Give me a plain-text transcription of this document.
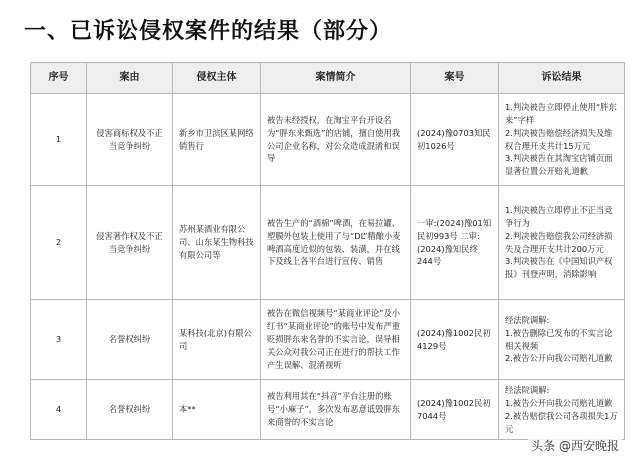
一、已诉讼侵权案件的结果（部分）
序号	案由	侵权主体	案情简介	案号	诉讼结果
1	侵害商标权及不正当竞争纠纷	新乡市卫滨区某网络销售行	被告未经授权，在淘宝平台开设名为“胖东来甄选”的店铺，擅自使用我公司企业名称，对公众造成混淆和误导	(2024)豫0703知民初1026号	1.判决被告立即停止使用“胖东来”字样
2.判决被告赔偿经济损失及维权合理开支共计15万元
3.判决被告在其淘宝店铺页面显著位置公开赔礼道歉

2	侵害著作权及不正当竞争纠纷	苏州某酒业有限公司、山东某生物科技有限公司等	被告生产的“酒棉”啤酒，在易拉罐、塑膜外包装上使用了与“DL”精酿小麦啤酒高度近似的包装、装潢，并在线下及线上各平台进行宣传、销售	一审:(2024)豫01知民初993号 二审:(2024)豫知民终244号	1.判决被告立即停止不正当竞争行为
2.判决被告赔偿我公司经济损失及合理开支共计200万元
3.判决被告在《中国知识产权报》刊登声明，消除影响

3	名誉权纠纷	某科技(北京)有限公司	被告在微信视频号“某商业评论”及小红书“某商业评论”的账号中发布严重贬损胖东来名誉的不实言论，误导相关公众对我公司正在进行的帮扶工作产生误解、混淆视听	(2024)豫1002民初4129号	经法院调解:
1.被告删除已发布的不实言论相关视频
2.被告公开向我公司赔礼道歉

4	名誉权纠纷	本**	被告利用其在“抖音”平台注册的账号“小麻子”，多次发布恶意诋毁胖东来商誉的不实言论	(2024)豫1002民初7044号	经法院调解:
1.被告公开向我公司赔礼道歉
2.被告赔偿我公司各项损失1万元
头条 @西安晚报
